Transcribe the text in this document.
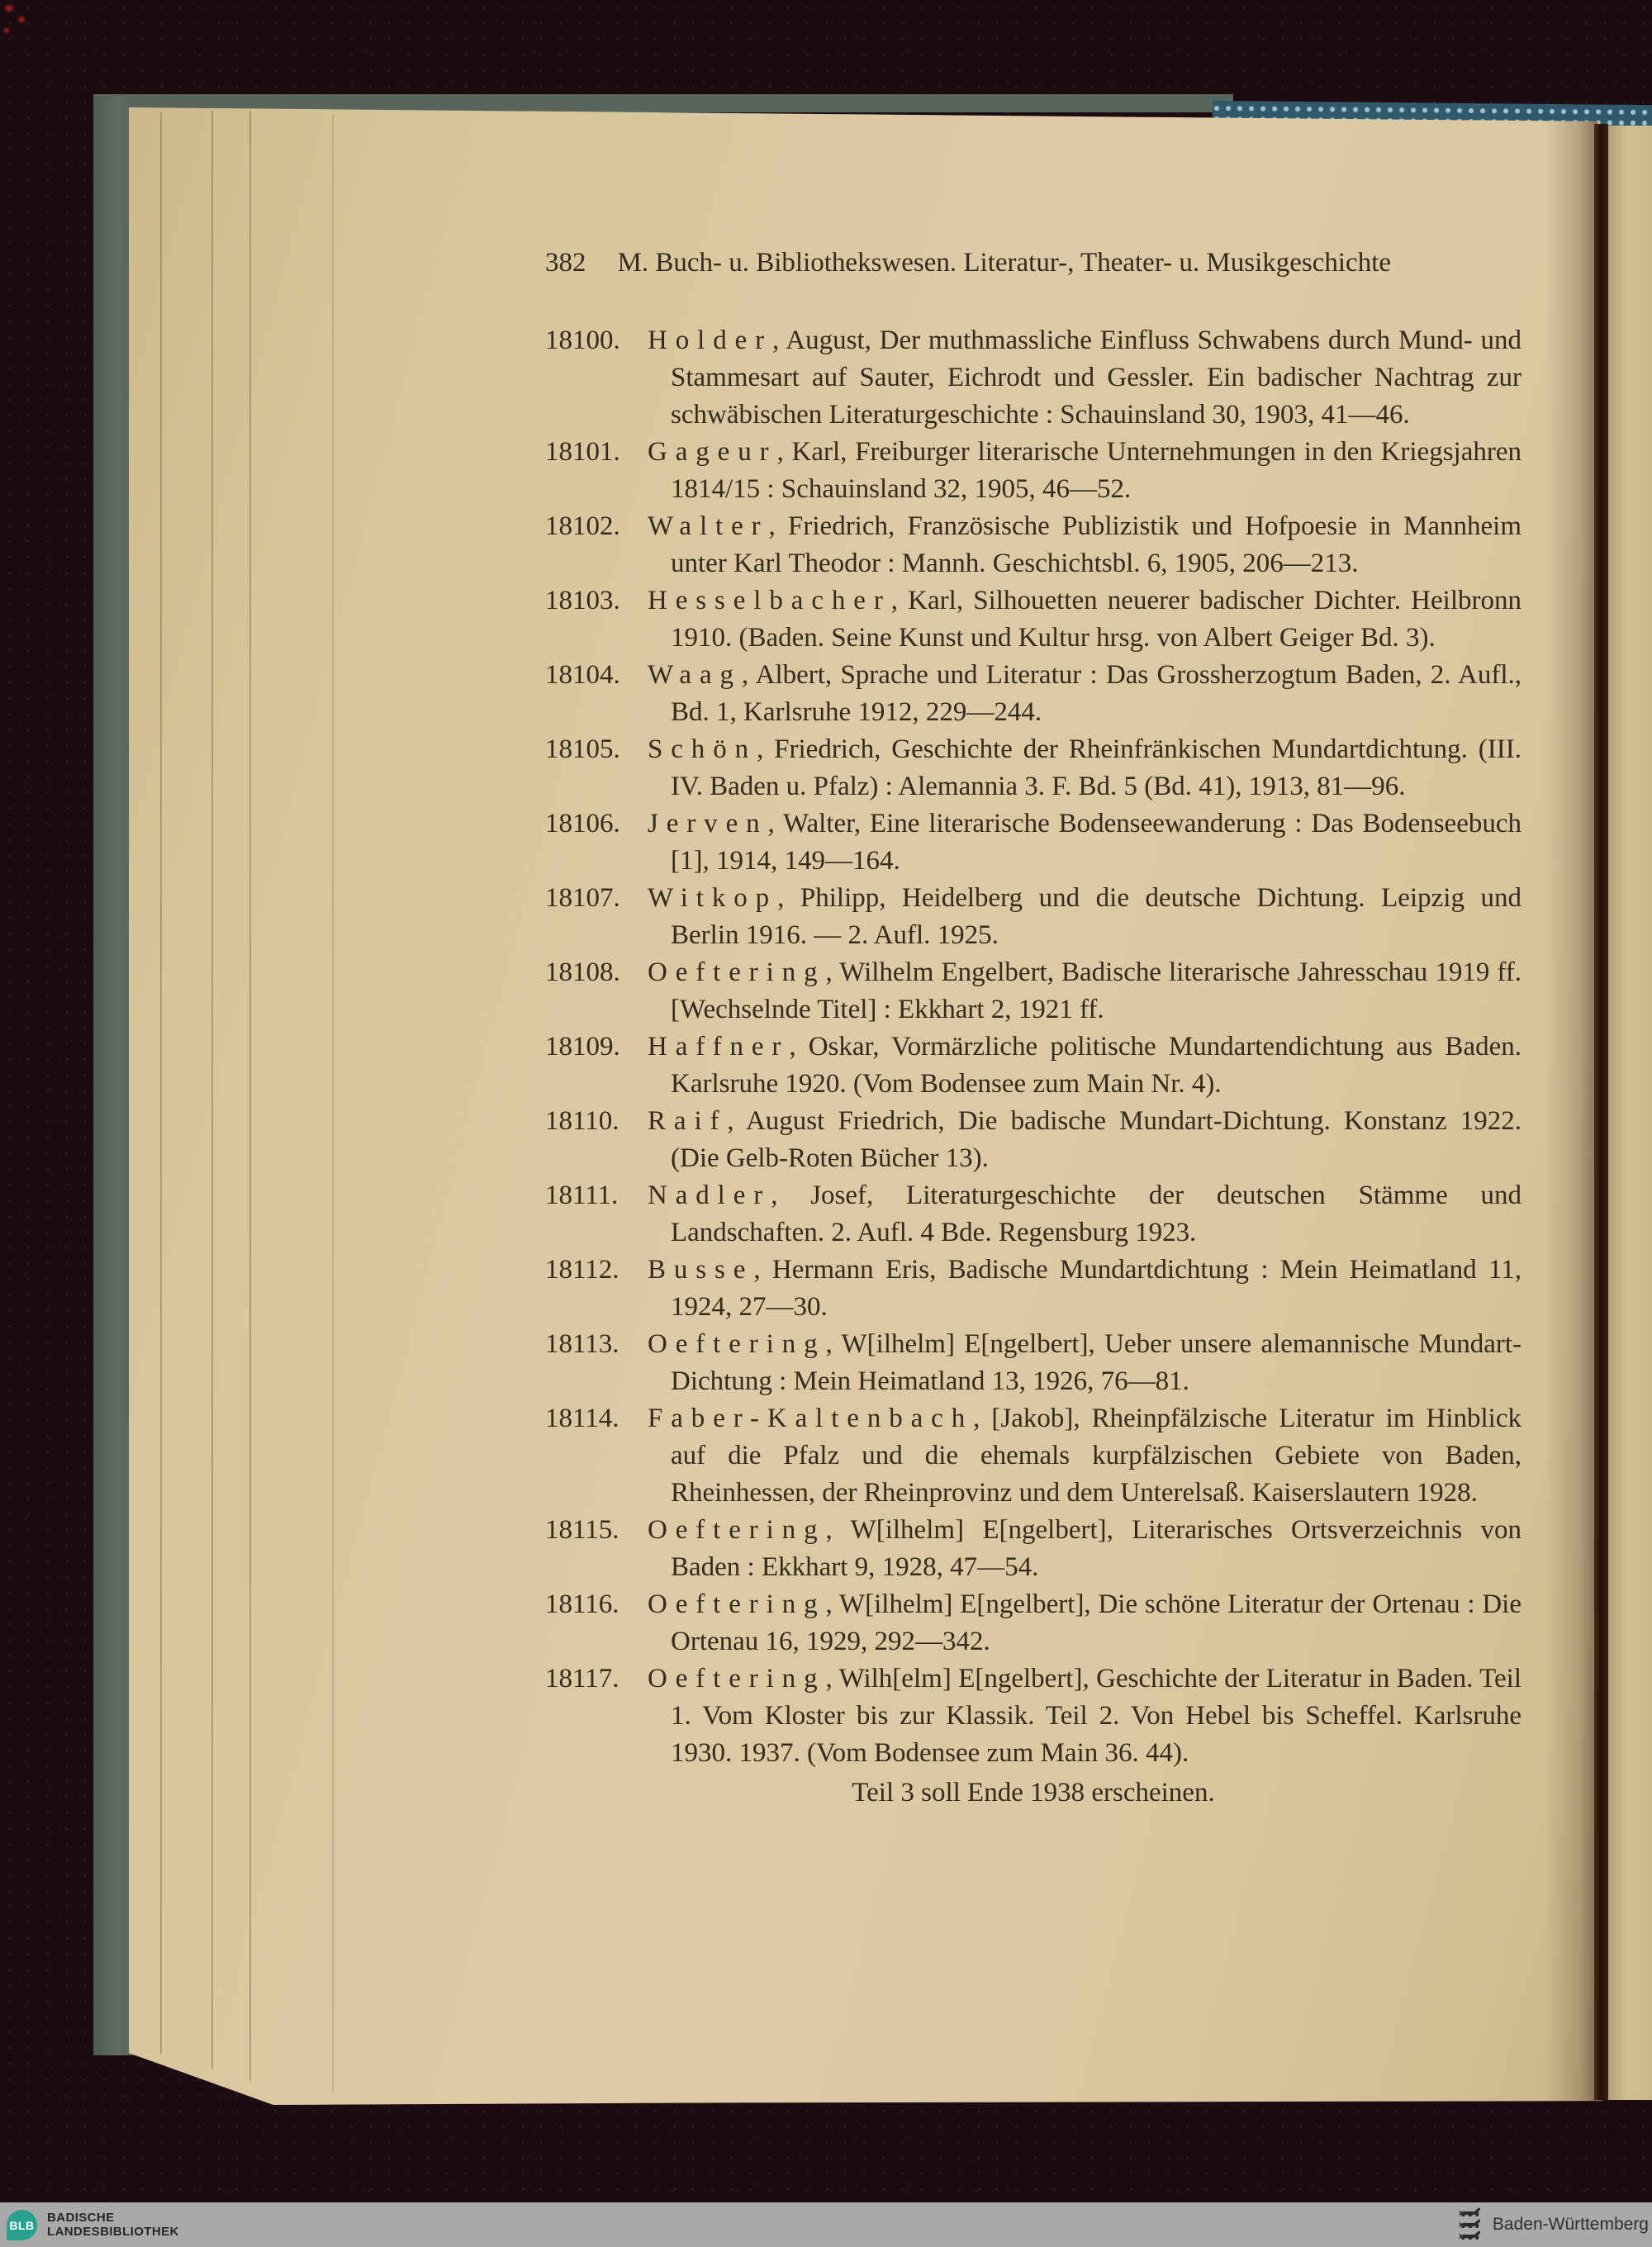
382 M. Buch- u. Bibliothekswesen. Literatur-, Theater- u. Musikgeschichte
18100. Holder, August, Der muthmassliche Einfluss Schwabens durch Mund- und Stammesart auf Sauter, Eichrodt und Gessler. Ein badischer Nachtrag zur schwäbischen Literaturgeschichte : Schauinsland 30, 1903, 41—46.
18101. Gageur, Karl, Freiburger literarische Unternehmungen in den Kriegsjahren 1814/15 : Schauinsland 32, 1905, 46—52.
18102. Walter, Friedrich, Französische Publizistik und Hofpoesie in Mannheim unter Karl Theodor : Mannh. Geschichtsbl. 6, 1905, 206—213.
18103. Hesselbacher, Karl, Silhouetten neuerer badischer Dichter. Heilbronn 1910. (Baden. Seine Kunst und Kultur hrsg. von Albert Geiger Bd. 3).
18104. Waag, Albert, Sprache und Literatur : Das Grossherzogtum Baden, 2. Aufl., Bd. 1, Karlsruhe 1912, 229—244.
18105. Schön, Friedrich, Geschichte der Rheinfränkischen Mundartdichtung. (III. IV. Baden u. Pfalz) : Alemannia 3. F. Bd. 5 (Bd. 41), 1913, 81—96.
18106. Jerven, Walter, Eine literarische Bodenseewanderung : Das Bodenseebuch [1], 1914, 149—164.
18107. Witkop, Philipp, Heidelberg und die deutsche Dichtung. Leipzig und Berlin 1916. — 2. Aufl. 1925.
18108. Oeftering, Wilhelm Engelbert, Badische literarische Jahresschau 1919 ff. [Wechselnde Titel] : Ekkhart 2, 1921 ff.
18109. Haffner, Oskar, Vormärzliche politische Mundartendichtung aus Baden. Karlsruhe 1920. (Vom Bodensee zum Main Nr. 4).
18110. Raif, August Friedrich, Die badische Mundart-Dichtung. Konstanz 1922. (Die Gelb-Roten Bücher 13).
18111. Nadler, Josef, Literaturgeschichte der deutschen Stämme und Landschaften. 2. Aufl. 4 Bde. Regensburg 1923.
18112. Busse, Hermann Eris, Badische Mundartdichtung : Mein Heimatland 11, 1924, 27—30.
18113. Oeftering, W[ilhelm] E[ngelbert], Ueber unsere alemannische Mundart-Dichtung : Mein Heimatland 13, 1926, 76—81.
18114. Faber-Kaltenbach, [Jakob], Rheinpfälzische Literatur im Hinblick auf die Pfalz und die ehemals kurpfälzischen Gebiete von Baden, Rheinhessen, der Rheinprovinz und dem Unterelsaß. Kaiserslautern 1928.
18115. Oeftering, W[ilhelm] E[ngelbert], Literarisches Ortsverzeichnis von Baden : Ekkhart 9, 1928, 47—54.
18116. Oeftering, W[ilhelm] E[ngelbert], Die schöne Literatur der Ortenau : Die Ortenau 16, 1929, 292—342.
18117. Oeftering, Wilh[elm] E[ngelbert], Geschichte der Literatur in Baden. Teil 1. Vom Kloster bis zur Klassik. Teil 2. Von Hebel bis Scheffel. Karlsruhe 1930. 1937. (Vom Bodensee zum Main 36. 44).
Teil 3 soll Ende 1938 erscheinen.
BLB
BADISCHE
LANDESBIBLIOTHEK	Baden-Württemberg
